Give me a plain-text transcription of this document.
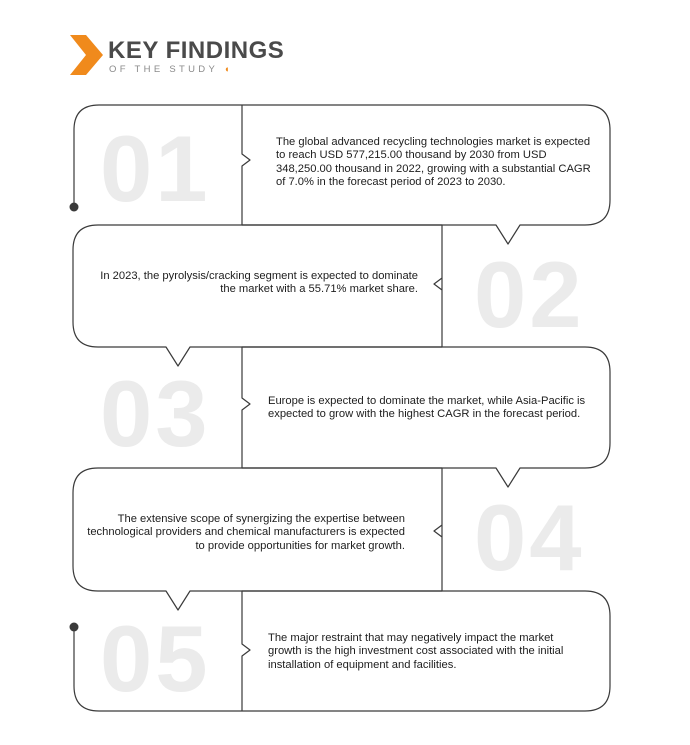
KEY FINDINGS
OF THE STUDY ◖
01
02
03
04
05
The global advanced recycling technologies market is expected to reach USD 577,215.00 thousand by 2030 from USD 348,250.00 thousand in 2022, growing with a substantial CAGR of 7.0% in the forecast period of 2023 to 2030.
In 2023, the pyrolysis/cracking segment is expected to dominate the market with a 55.71% market share.
Europe is expected to dominate the market, while Asia-Pacific is expected to grow with the highest CAGR in the forecast period.
The extensive scope of synergizing the expertise between technological providers and chemical manufacturers is expected to provide opportunities for market growth.
The major restraint that may negatively impact the market growth is the high investment cost associated with the initial installation of equipment and facilities.
